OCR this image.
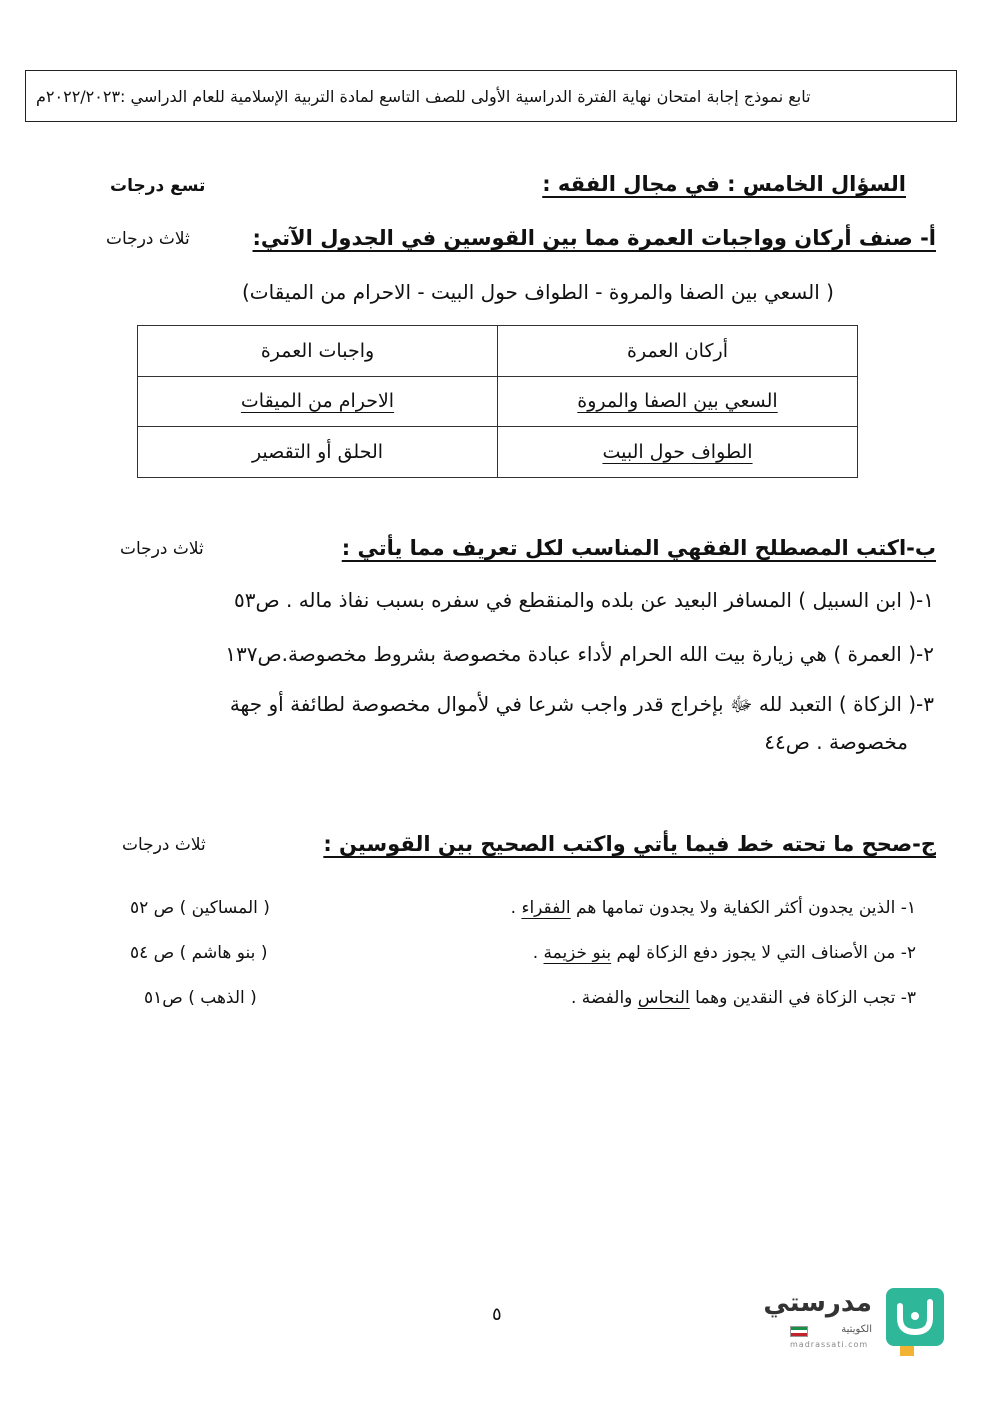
تابع نموذج إجابة امتحان نهاية الفترة الدراسية الأولى للصف التاسع لمادة التربية الإسلامية للعام الدراسي :٢٠٢٢/٢٠٢٣م
السؤال الخامس : في مجال الفقه :
تسع درجات
أ- صنف أركان وواجبات العمرة مما بين القوسين في الجدول الآتي:
ثلاث درجات
( السعي بين الصفا والمروة - الطواف حول البيت - الاحرام من الميقات)
أركان العمرة	واجبات العمرة
السعي بين الصفا والمروة	الاحرام من الميقات
الطواف حول البيت	الحلق أو التقصير
ب-اكتب المصطلح الفقهي المناسب لكل تعريف مما يأتي :
ثلاث درجات
١-( ابن السبيل ) المسافر البعيد عن بلده والمنقطع في سفره بسبب نفاذ ماله . ص٥٣
٢-( العمرة ) هي زيارة بيت الله الحرام لأداء عبادة مخصوصة بشروط مخصوصة.ص١٣٧
٣-( الزكاة ) التعبد لله ﷻ بإخراج قدر واجب شرعا في لأموال مخصوصة لطائفة أو جهة
مخصوصة . ص٤٤
ج-صحح ما تحته خط فيما يأتي واكتب الصحيح بين القوسين :
ثلاث درجات
١- الذين يجدون أكثر الكفاية ولا يجدون تمامها هم الفقراء .
( المساكين ) ص ٥٢
٢- من الأصناف التي لا يجوز دفع الزكاة لهم بنو خزيمة .
( بنو هاشم ) ص ٥٤
٣- تجب الزكاة في النقدين وهما النحاس والفضة .
( الذهب ) ص٥١
٥	مدرستي
الكويتية
madrassati.com
